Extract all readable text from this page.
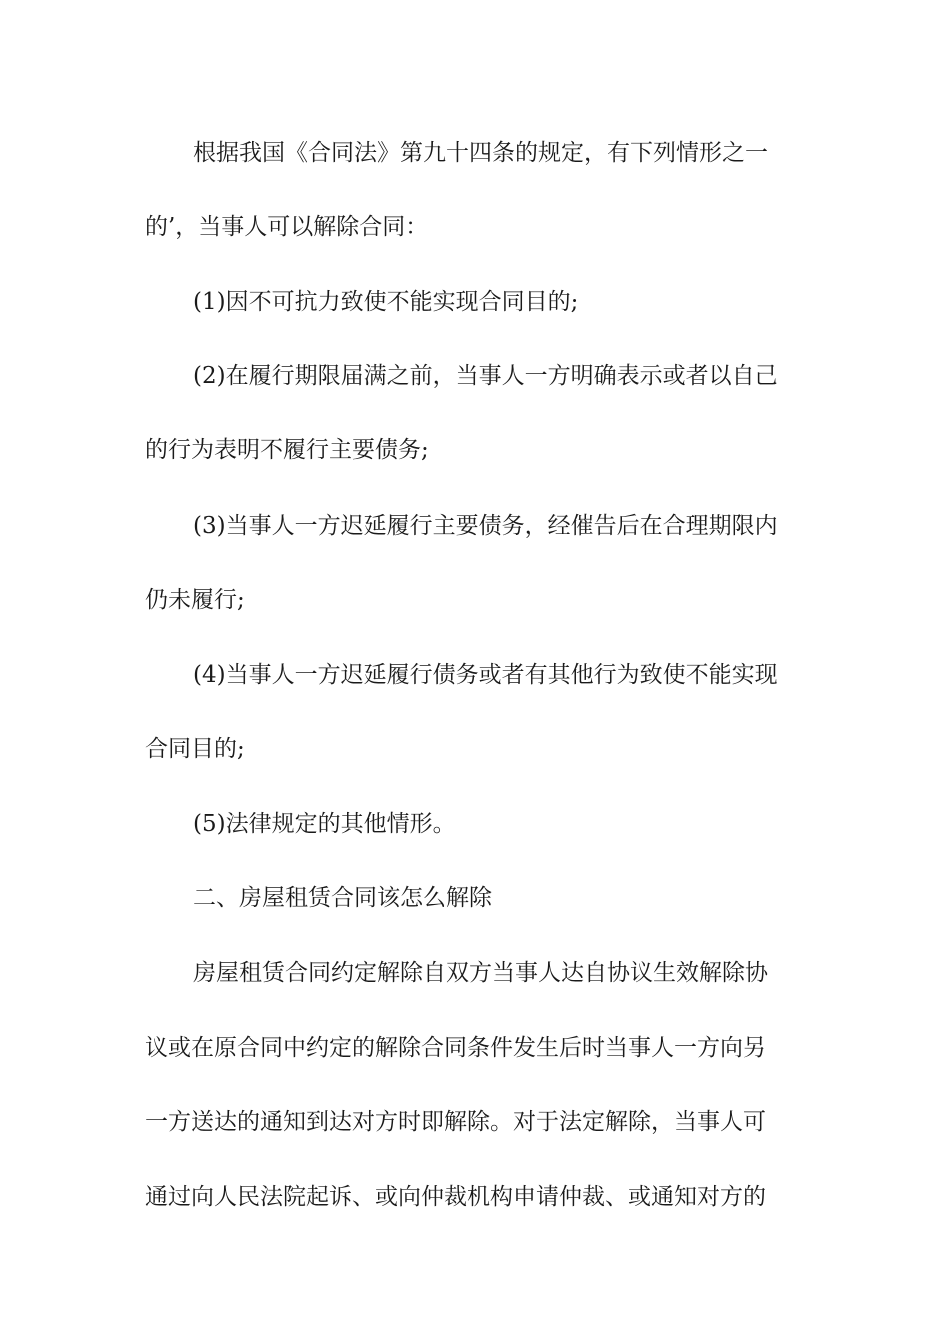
根据我国《合同法》第九十四条的规定，有下列情形之一
的’，当事人可以解除合同：
(1)因不可抗力致使不能实现合同目的;
(2)在履行期限届满之前，当事人一方明确表示或者以自己
的行为表明不履行主要债务;
(3)当事人一方迟延履行主要债务，经催告后在合理期限内
仍未履行;
(4)当事人一方迟延履行债务或者有其他行为致使不能实现
合同目的;
(5)法律规定的其他情形。
二、房屋租赁合同该怎么解除
房屋租赁合同约定解除自双方当事人达自协议生效解除协
议或在原合同中约定的解除合同条件发生后时当事人一方向另
一方送达的通知到达对方时即解除。对于法定解除，当事人可
通过向人民法院起诉、或向仲裁机构申请仲裁、或通知对方的
